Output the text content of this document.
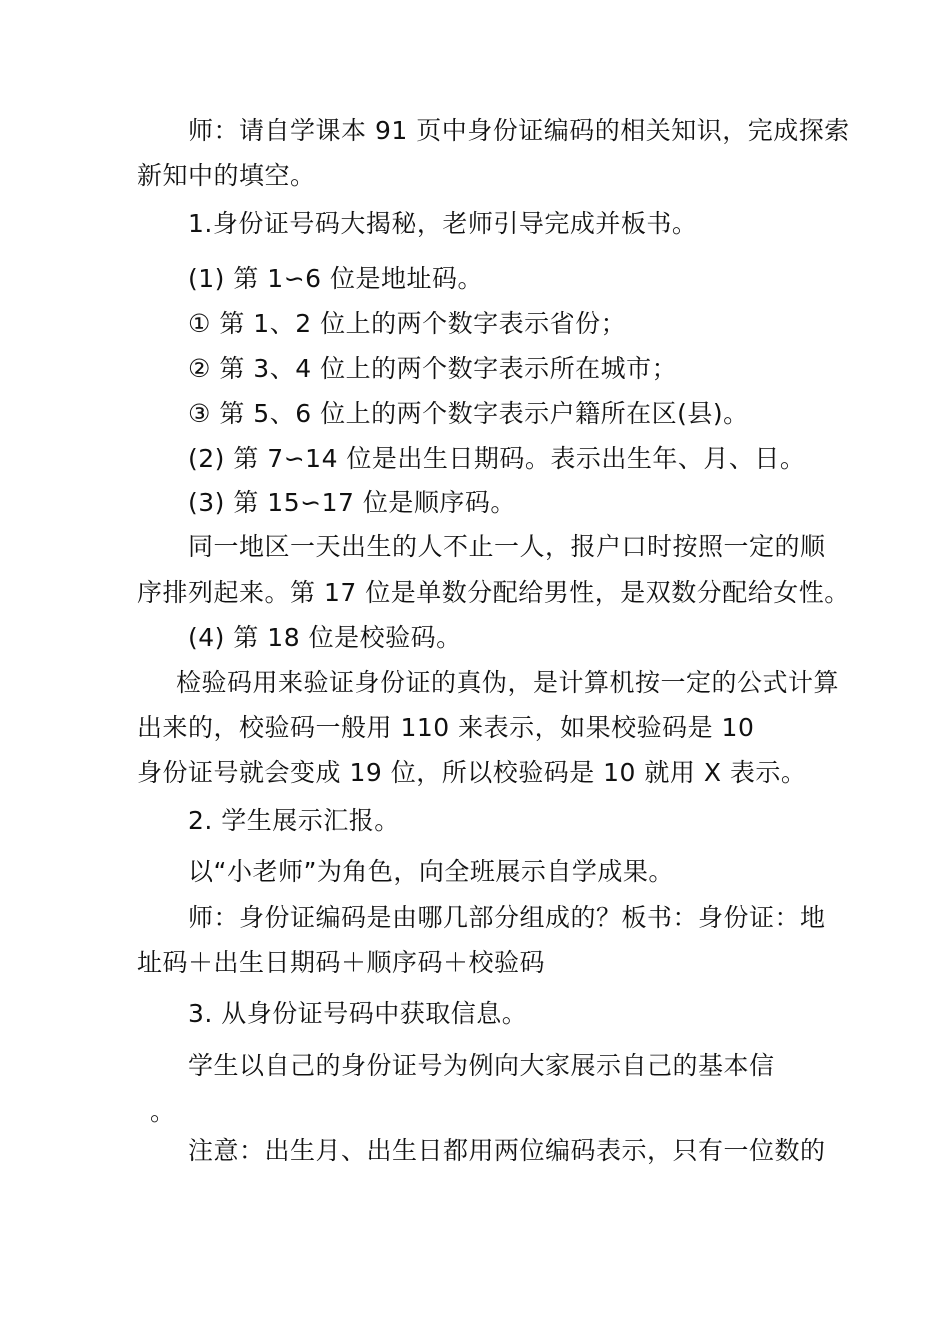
师：请自学课本 91 页中身份证编码的相关知识，完成探索
新知中的填空。
1.身份证号码大揭秘，老师引导完成并板书。
(1) 第 1∽6 位是地址码。
① 第 1、2 位上的两个数字表示省份；
② 第 3、4 位上的两个数字表示所在城市；
③ 第 5、6 位上的两个数字表示户籍所在区(县)。
(2) 第 7∽14 位是出生日期码。表示出生年、月、日。
(3) 第 15∽17 位是顺序码。
同一地区一天出生的人不止一人，报户口时按照一定的顺
序排列起来。第 17 位是单数分配给男性，是双数分配给女性。
(4) 第 18 位是校验码。
检验码用来验证身份证的真伪，是计算机按一定的公式计算
出来的，校验码一般用 110 来表示，如果校验码是 10
身份证号就会变成 19 位，所以校验码是 10 就用 X 表示。
2. 学生展示汇报。
以“小老师”为角色，向全班展示自学成果。
师：身份证编码是由哪几部分组成的？板书：身份证：地
址码＋出生日期码＋顺序码＋校验码
3. 从身份证号码中获取信息。
学生以自己的身份证号为例向大家展示自己的基本信
。
注意：出生月、出生日都用两位编码表示，只有一位数的
